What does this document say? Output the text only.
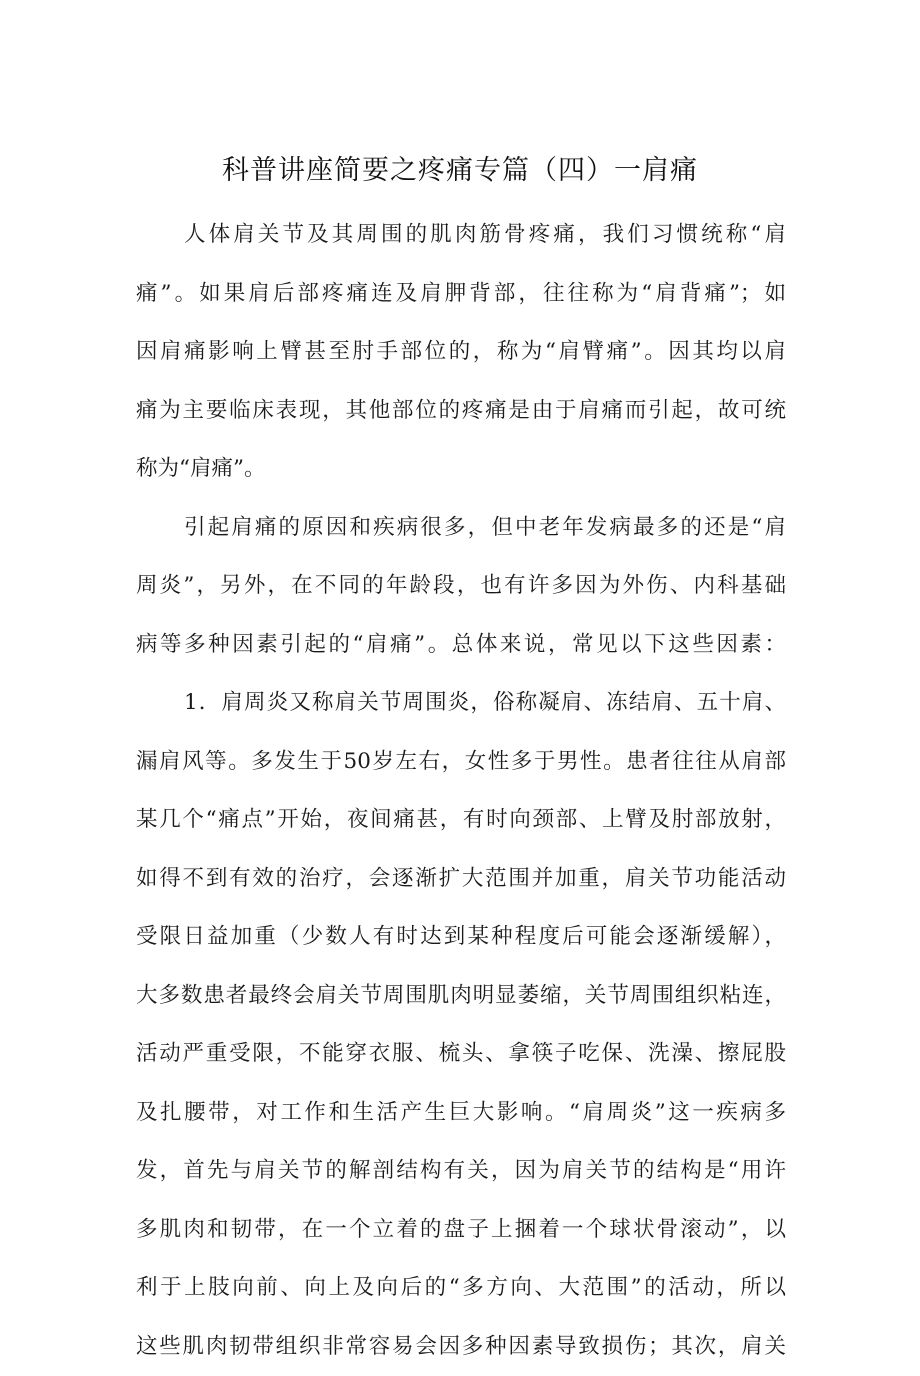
科普讲座简要之疼痛专篇（四）一肩痛
人体肩关节及其周围的肌肉筋骨疼痛，我们习惯统称“肩
痛”。如果肩后部疼痛连及肩胛背部，往往称为“肩背痛”；如
因肩痛影响上臂甚至肘手部位的，称为“肩臂痛”。因其均以肩
痛为主要临床表现，其他部位的疼痛是由于肩痛而引起，故可统
称为“肩痛”。
引起肩痛的原因和疾病很多，但中老年发病最多的还是“肩
周炎”，另外，在不同的年龄段，也有许多因为外伤、内科基础
病等多种因素引起的“肩痛”。总体来说，常见以下这些因素：
1．肩周炎又称肩关节周围炎，俗称凝肩、冻结肩、五十肩、
漏肩风等。多发生于50岁左右，女性多于男性。患者往往从肩部
某几个“痛点”开始，夜间痛甚，有时向颈部、上臂及肘部放射，
如得不到有效的治疗，会逐渐扩大范围并加重，肩关节功能活动
受限日益加重（少数人有时达到某种程度后可能会逐渐缓解），
大多数患者最终会肩关节周围肌肉明显萎缩，关节周围组织粘连，
活动严重受限，不能穿衣服、梳头、拿筷子吃保、洗澡、擦屁股
及扎腰带，对工作和生活产生巨大影响。“肩周炎”这一疾病多
发，首先与肩关节的解剖结构有关，因为肩关节的结构是“用许
多肌肉和韧带，在一个立着的盘子上捆着一个球状骨滚动”，以
利于上肢向前、向上及向后的“多方向、大范围”的活动，所以
这些肌肉韧带组织非常容易会因多种因素导致损伤；其次，肩关
